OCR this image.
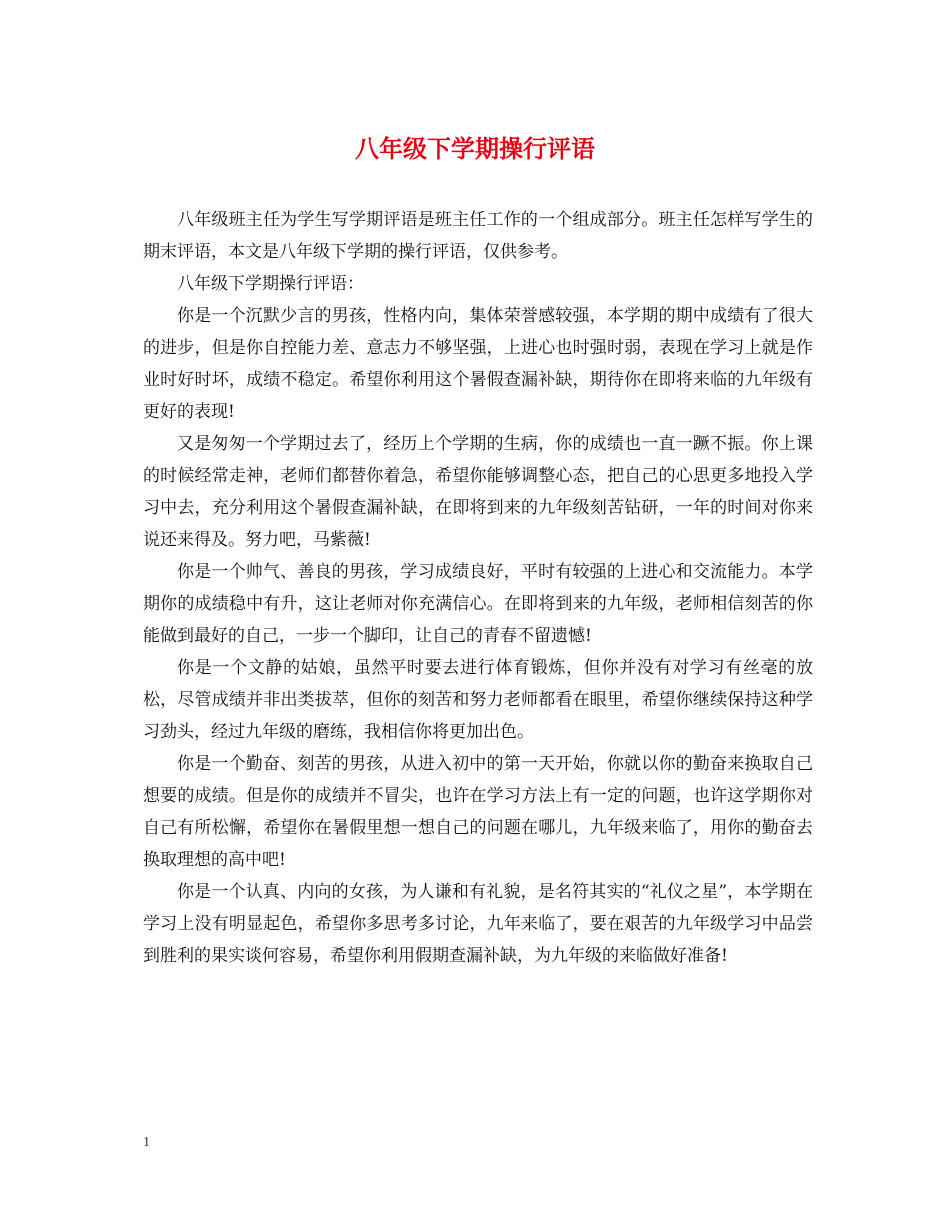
八年级下学期操行评语

八年级班主任为学生写学期评语是班主任工作的一个组成部分。班主任怎样写学生的期末评语，本文是八年级下学期的操行评语，仅供参考。

八年级下学期操行评语：

你是一个沉默少言的男孩，性格内向，集体荣誉感较强，本学期的期中成绩有了很大的进步，但是你自控能力差、意志力不够坚强，上进心也时强时弱，表现在学习上就是作业时好时坏，成绩不稳定。希望你利用这个暑假查漏补缺，期待你在即将来临的九年级有更好的表现!

又是匆匆一个学期过去了，经历上个学期的生病，你的成绩也一直一蹶不振。你上课的时候经常走神，老师们都替你着急，希望你能够调整心态，把自己的心思更多地投入学习中去，充分利用这个暑假查漏补缺，在即将到来的九年级刻苦钻研，一年的时间对你来说还来得及。努力吧，马紫薇!

你是一个帅气、善良的男孩，学习成绩良好，平时有较强的上进心和交流能力。本学期你的成绩稳中有升，这让老师对你充满信心。在即将到来的九年级，老师相信刻苦的你能做到最好的自己，一步一个脚印，让自己的青春不留遗憾!

你是一个文静的姑娘，虽然平时要去进行体育锻炼，但你并没有对学习有丝毫的放松，尽管成绩并非出类拔萃，但你的刻苦和努力老师都看在眼里，希望你继续保持这种学习劲头，经过九年级的磨练，我相信你将更加出色。

你是一个勤奋、刻苦的男孩，从进入初中的第一天开始，你就以你的勤奋来换取自己想要的成绩。但是你的成绩并不冒尖，也许在学习方法上有一定的问题，也许这学期你对自己有所松懈，希望你在暑假里想一想自己的问题在哪儿，九年级来临了，用你的勤奋去换取理想的高中吧!

你是一个认真、内向的女孩，为人谦和有礼貌，是名符其实的“礼仪之星”，本学期在学习上没有明显起色，希望你多思考多讨论，九年来临了，要在艰苦的九年级学习中品尝到胜利的果实谈何容易，希望你利用假期查漏补缺，为九年级的来临做好准备!

1
